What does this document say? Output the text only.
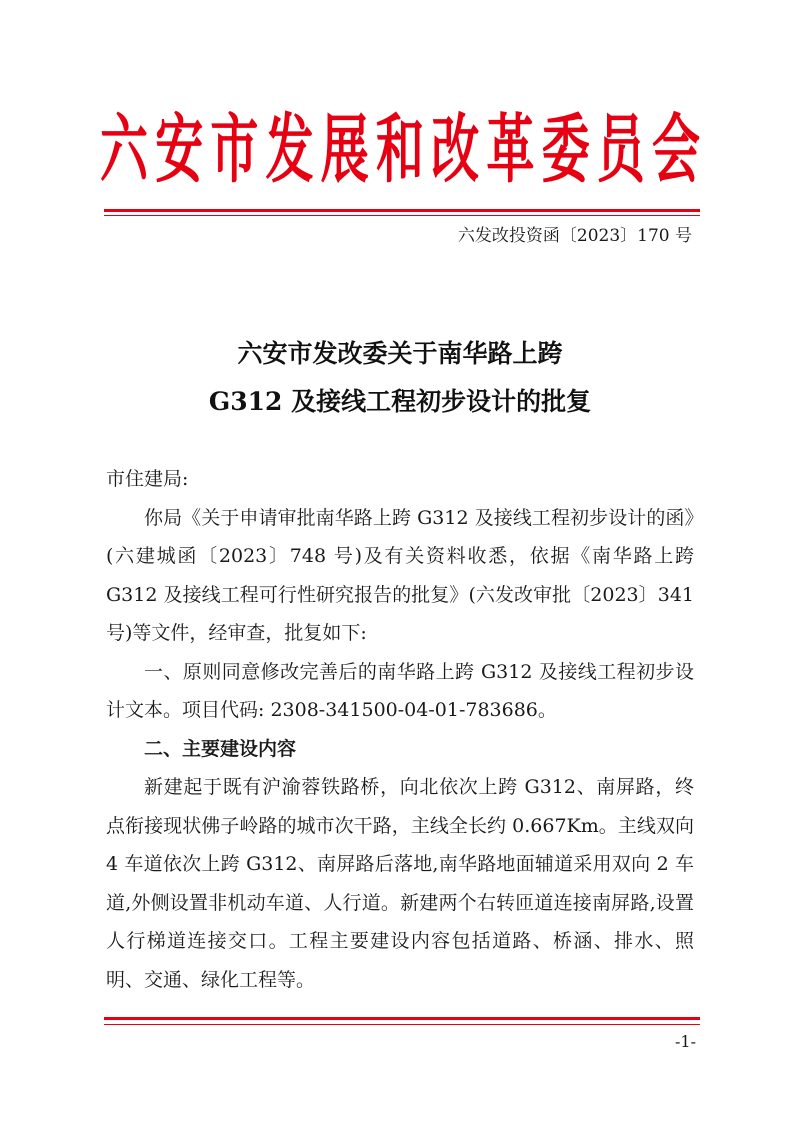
六安市发展和改革委员会
六发改投资函〔2023〕170 号
六安市发改委关于南华路上跨
G312 及接线工程初步设计的批复

市住建局:

你局《关于申请审批南华路上跨 G312 及接线工程初步设计的函》(六建城函〔2023〕748 号)及有关资料收悉，依据《南华路上跨 G312 及接线工程可行性研究报告的批复》(六发改审批〔2023〕341 号)等文件，经审查，批复如下:

一、原则同意修改完善后的南华路上跨 G312 及接线工程初步设计文本。项目代码: 2308-341500-04-01-783686。

二、主要建设内容

新建起于既有沪渝蓉铁路桥，向北依次上跨 G312、南屏路，终点衔接现状佛子岭路的城市次干路，主线全长约 0.667Km。主线双向 4 车道依次上跨 G312、南屏路后落地,南华路地面辅道采用双向 2 车道,外侧设置非机动车道、人行道。新建两个右转匝道连接南屏路,设置人行梯道连接交口。工程主要建设内容包括道路、桥涵、排水、照明、交通、绿化工程等。

-1-
